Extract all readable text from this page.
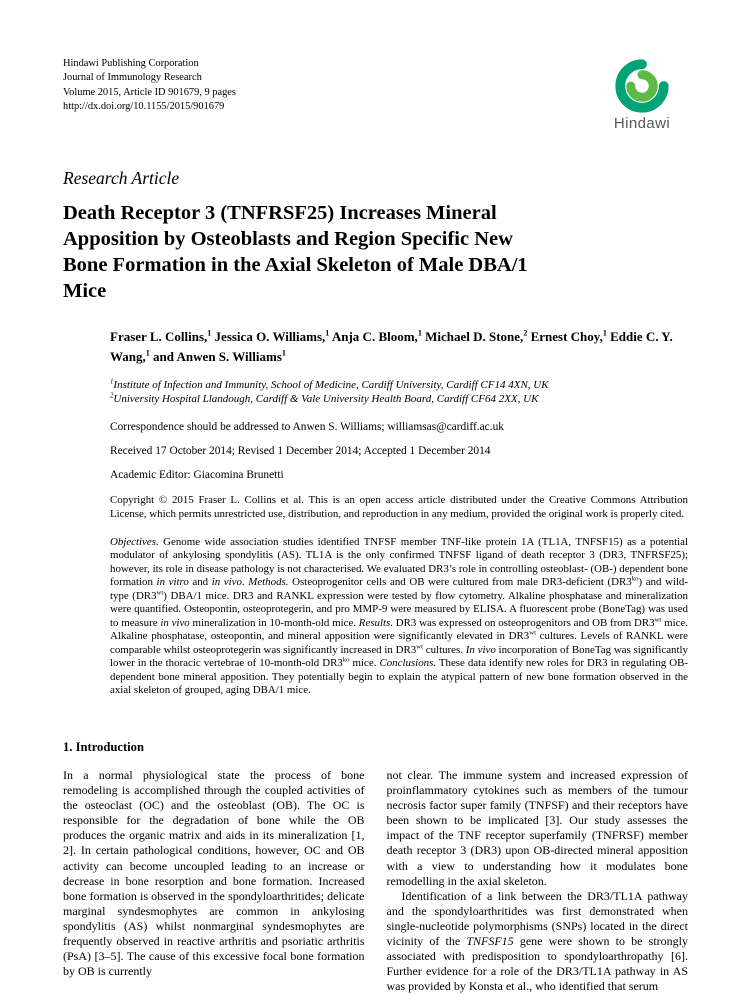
Hindawi Publishing Corporation
Journal of Immunology Research
Volume 2015, Article ID 901679, 9 pages
http://dx.doi.org/10.1155/2015/901679
Hindawi
Research Article
Death Receptor 3 (TNFRSF25) Increases Mineral Apposition by Osteoblasts and Region Specific New Bone Formation in the Axial Skeleton of Male DBA/1 Mice

Fraser L. Collins,$^1$ Jessica O. Williams,$^1$ Anja C. Bloom,$^1$ Michael D. Stone,$^2$ Ernest Choy,$^1$ Eddie C. Y. Wang,$^1$ and Anwen S. Williams$^1$

$^1$Institute of Infection and Immunity, School of Medicine, Cardiff University, Cardiff CF14 4XN, UK
$^2$University Hospital Llandough, Cardiff & Vale University Health Board, Cardiff CF64 2XX, UK

Correspondence should be addressed to Anwen S. Williams; williamsas@cardiff.ac.uk

Received 17 October 2014; Revised 1 December 2014; Accepted 1 December 2014

Academic Editor: Giacomina Brunetti

Copyright © 2015 Fraser L. Collins et al. This is an open access article distributed under the Creative Commons Attribution License, which permits unrestricted use, distribution, and reproduction in any medium, provided the original work is properly cited.

Objectives. Genome wide association studies identified TNFSF member TNF-like protein 1A (TL1A, TNFSF15) as a potential modulator of ankylosing spondylitis (AS). TL1A is the only confirmed TNFSF ligand of death receptor 3 (DR3, TNFRSF25); however, its role in disease pathology is not characterised. We evaluated DR3’s role in controlling osteoblast- (OB-) dependent bone formation in vitro and in vivo. Methods. Osteoprogenitor cells and OB were cultured from male DR3-deficient $(DR3^{ko})$ and wild-type $(DR3^{wt})$ DBA/1 mice. DR3 and RANKL expression were tested by flow cytometry. Alkaline phosphatase and mineralization were quantified. Osteopontin, osteoprotegerin, and pro MMP-9 were measured by ELISA. A fluorescent probe (BoneTag) was used to measure in vivo mineralization in 10-month-old mice. Results. DR3 was expressed on osteoprogenitors and OB from $DR3^{wt}$ mice. Alkaline phosphatase, osteopontin, and mineral apposition were significantly elevated in $DR3^{wt}$ cultures. Levels of RANKL were comparable whilst osteoprotegerin was significantly increased in $DR3^{wt}$ cultures. In vivo incorporation of BoneTag was significantly lower in the thoracic vertebrae of 10-month-old $DR3^{ko}$ mice. Conclusions. These data identify new roles for DR3 in regulating OB-dependent bone mineral apposition. They potentially begin to explain the atypical pattern of new bone formation observed in the axial skeleton of grouped, aging DBA/1 mice.

1. Introduction

In a normal physiological state the process of bone remodeling is accomplished through the coupled activities of the osteoclast (OC) and the osteoblast (OB). The OC is responsible for the degradation of bone while the OB produces the organic matrix and aids in its mineralization [1, 2]. In certain pathological conditions, however, OC and OB activity can become uncoupled leading to an increase or decrease in bone resorption and bone formation. Increased bone formation is observed in the spondyloarthritides; delicate marginal syndesmophytes are common in ankylosing spondylitis (AS) whilst nonmarginal syndesmophytes are frequently observed in reactive arthritis and psoriatic arthritis (PsA) [3–5]. The cause of this excessive focal bone formation by OB is currently

not clear. The immune system and increased expression of proinflammatory cytokines such as members of the tumour necrosis factor super family (TNFSF) and their receptors have been shown to be implicated [3]. Our study assesses the impact of the TNF receptor superfamily (TNFRSF) member death receptor 3 (DR3) upon OB-directed mineral apposition with a view to understanding how it modulates bone remodelling in the axial skeleton.

Identification of a link between the DR3/TL1A pathway and the spondyloarthritides was first demonstrated when single-nucleotide polymorphisms (SNPs) located in the direct vicinity of the TNFSF15 gene were shown to be strongly associated with predisposition to spondyloarthropathy [6]. Further evidence for a role of the DR3/TL1A pathway in AS was provided by Konsta et al., who identified that serum
